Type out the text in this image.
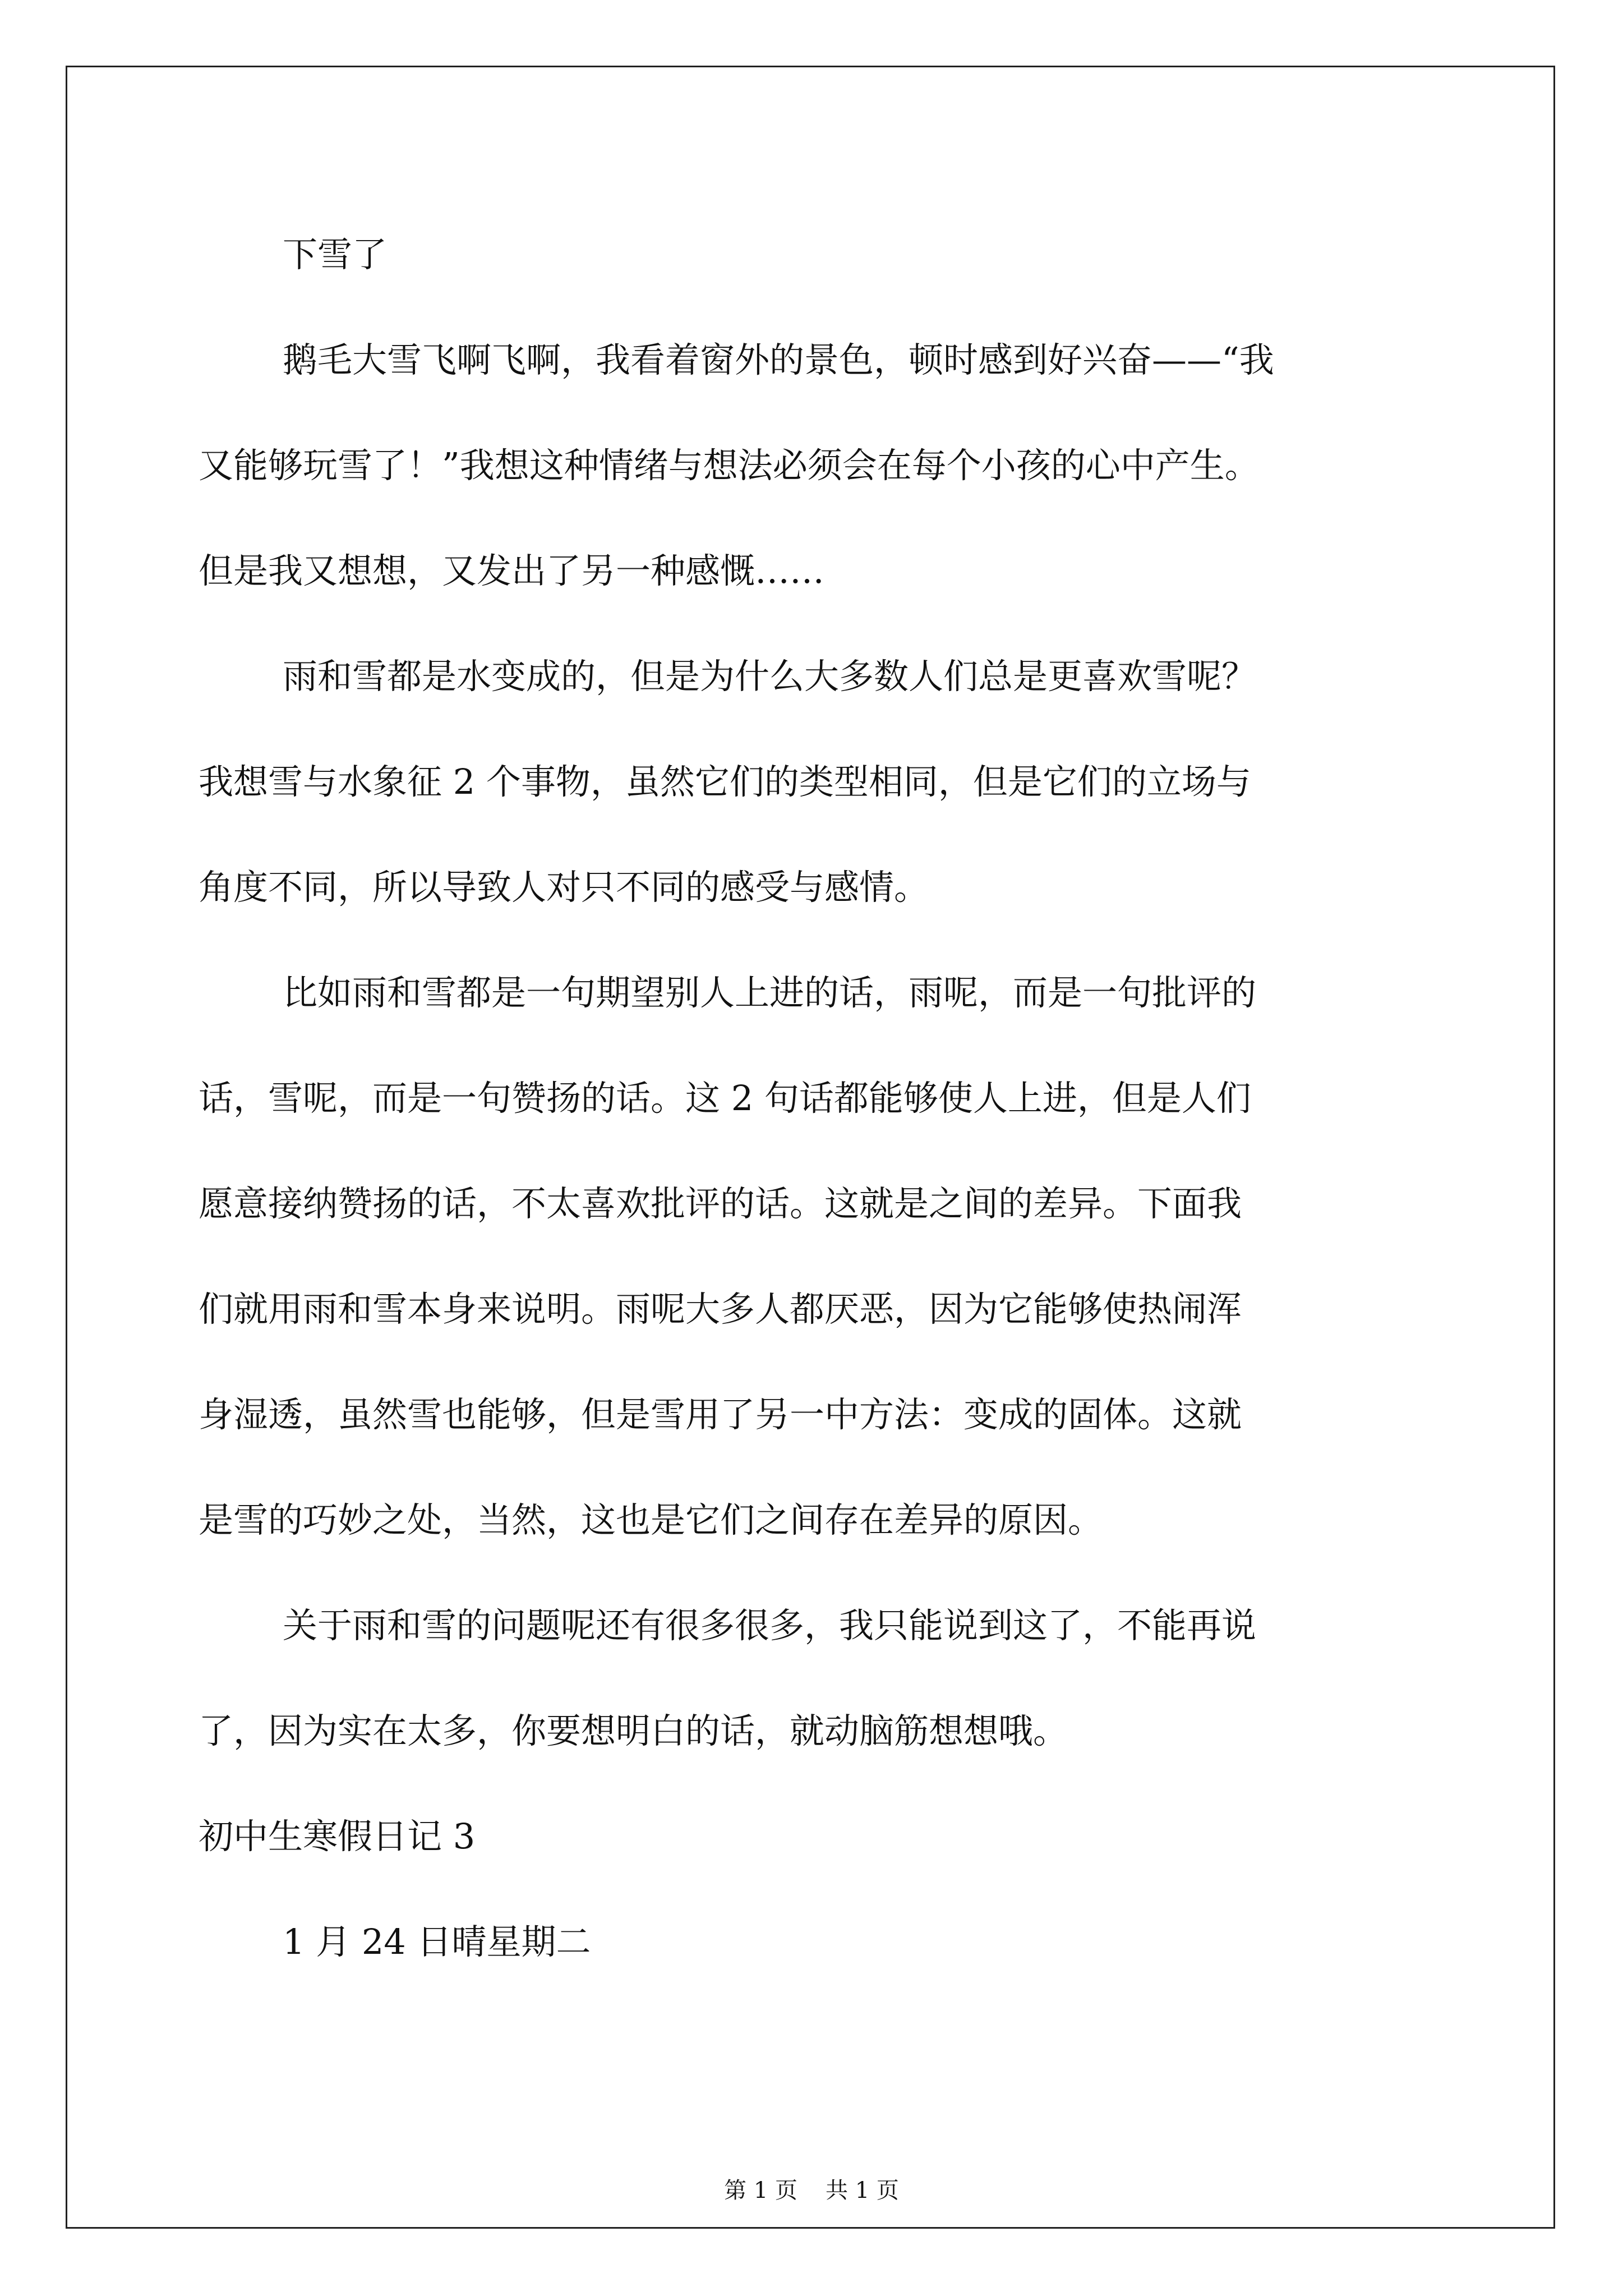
下雪了

鹅毛大雪飞啊飞啊，我看着窗外的景色，顿时感到好兴奋——“我

又能够玩雪了！”我想这种情绪与想法必须会在每个小孩的心中产生。

但是我又想想，又发出了另一种感慨……

雨和雪都是水变成的，但是为什么大多数人们总是更喜欢雪呢？

我想雪与水象征 2 个事物，虽然它们的类型相同，但是它们的立场与

角度不同，所以导致人对只不同的感受与感情。

比如雨和雪都是一句期望别人上进的话，雨呢，而是一句批评的

话，雪呢，而是一句赞扬的话。这 2 句话都能够使人上进，但是人们

愿意接纳赞扬的话，不太喜欢批评的话。这就是之间的差异。下面我

们就用雨和雪本身来说明。雨呢大多人都厌恶，因为它能够使热闹浑

身湿透，虽然雪也能够，但是雪用了另一中方法：变成的固体。这就

是雪的巧妙之处，当然，这也是它们之间存在差异的原因。

关于雨和雪的问题呢还有很多很多，我只能说到这了，不能再说

了，因为实在太多，你要想明白的话，就动脑筋想想哦。

初中生寒假日记 3

1 月 24 日晴星期二

第 1 页 共 1 页
